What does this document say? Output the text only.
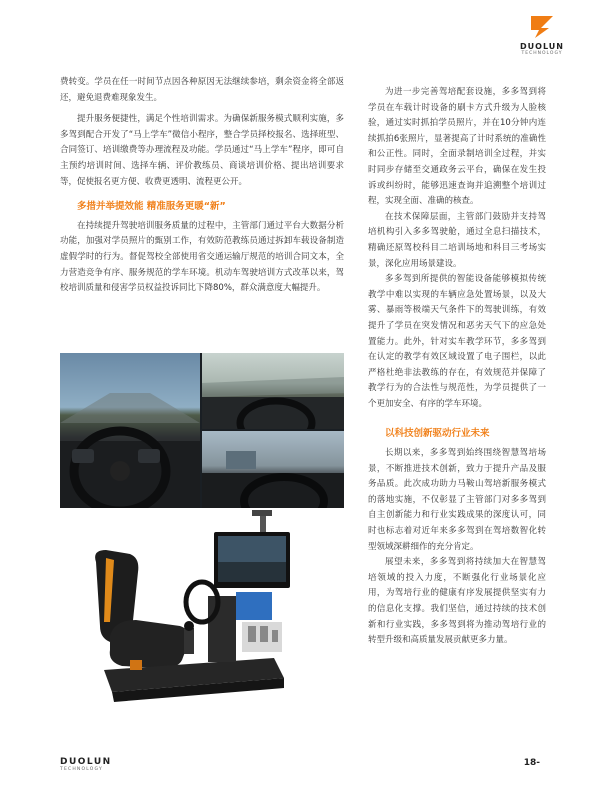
DUOLUN
TECHNOLOGY

费转变。学员在任一时间节点因各种原因无法继续参培，剩余资金将全部返还，避免退费难现象发生。

提升服务便捷性，满足个性培训需求。为确保新服务模式顺利实施，多多驾到配合开发了“马上学车”微信小程序，整合学员择校报名、选择班型、合同签订、培训缴费等办理流程及功能。学员通过“马上学车”程序，即可自主预约培训时间、选择车辆、评价教练员、商谈培训价格、提出培训要求等，促使报名更方便、收费更透明、流程更公开。

多措并举提效能 精准服务更暖“新”

在持续提升驾驶培训服务质量的过程中，主管部门通过平台大数据分析功能，加强对学员照片的甄别工作，有效防范教练员通过拆卸车载设备制造虚假学时的行为。督促驾校全部使用省交通运输厅规范的培训合同文本，全力营造竞争有序、服务规范的学车环境。机动车驾驶培训方式改革以来，驾校培训质量和侵害学员权益投诉同比下降80%，群众满意度大幅提升。

为进一步完善驾培配套设施，多多驾到将学员在车载计时设备的刷卡方式升级为人脸核验，通过实时抓拍学员照片，并在10分钟内连续抓拍6张照片，显著提高了计时系统的准确性和公正性。同时，全面录制培训全过程，并实时同步存储至交通政务云平台，确保在发生投诉或纠纷时，能够迅速查询并追溯整个培训过程，实现全面、准确的核查。

在技术保障层面，主管部门鼓励并支持驾培机构引入多多驾驶舱，通过全息扫描技术，精确还原驾校科目二培训场地和科目三考场实景，深化应用场景建设。

多多驾到所提供的智能设备能够模拟传统教学中难以实现的车辆应急处置场景，以及大雾、暴雨等极端天气条件下的驾驶训练，有效提升了学员在突发情况和恶劣天气下的应急处置能力。此外，针对实车教学环节，多多驾到在认定的教学有效区域设置了电子围栏，以此严格杜绝非法教练的存在，有效规范并保障了教学行为的合法性与规范性，为学员提供了一个更加安全、有序的学车环境。

以科技创新驱动行业未来

长期以来，多多驾到始终围绕智慧驾培场景，不断推进技术创新，致力于提升产品及服务品质。此次成功助力马鞍山驾培新服务模式的落地实施，不仅彰显了主管部门对多多驾到自主创新能力和行业实践成果的深度认可，同时也标志着对近年来多多驾到在驾培数智化转型领域深耕细作的充分肯定。

展望未来，多多驾到将持续加大在智慧驾培领域的投入力度，不断强化行业场景化应用，为驾培行业的健康有序发展提供坚实有力的信息化支撑。我们坚信，通过持续的技术创新和行业实践，多多驾到将为推动驾培行业的转型升级和高质量发展贡献更多力量。

DUOLUN
TECHNOLOGY
18-
